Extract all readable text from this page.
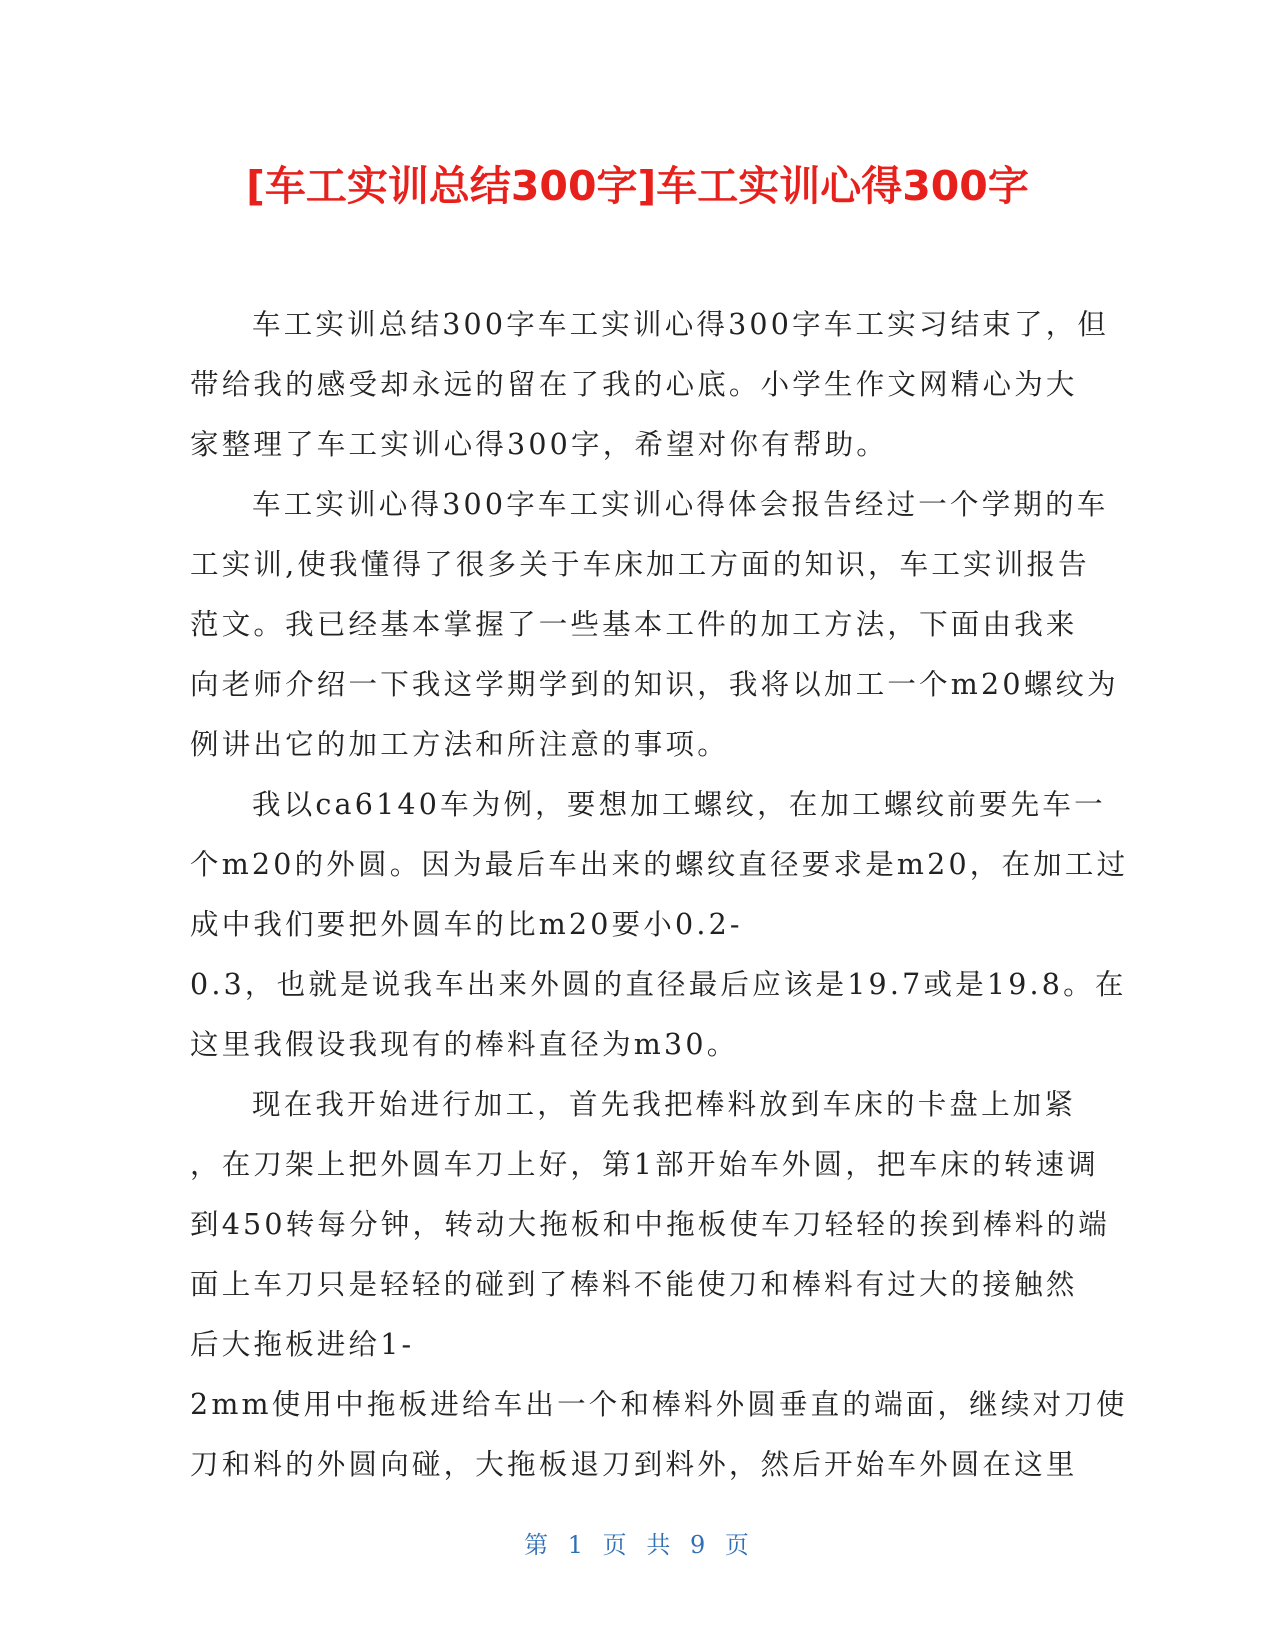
[车工实训总结300字]车工实训心得300字
车工实训总结300字车工实训心得300字车工实习结束了，但
带给我的感受却永远的留在了我的心底。小学生作文网精心为大
家整理了车工实训心得300字，希望对你有帮助。
车工实训心得300字车工实训心得体会报告经过一个学期的车
工实训,使我懂得了很多关于车床加工方面的知识，车工实训报告
范文。我已经基本掌握了一些基本工件的加工方法，下面由我来
向老师介绍一下我这学期学到的知识，我将以加工一个m20螺纹为
例讲出它的加工方法和所注意的事项。
我以ca6140车为例，要想加工螺纹，在加工螺纹前要先车一
个m20的外圆。因为最后车出来的螺纹直径要求是m20，在加工过
成中我们要把外圆车的比m20要小0.2-
0.3，也就是说我车出来外圆的直径最后应该是19.7或是19.8。在
这里我假设我现有的棒料直径为m30。
现在我开始进行加工，首先我把棒料放到车床的卡盘上加紧
，在刀架上把外圆车刀上好，第1部开始车外圆，把车床的转速调
到450转每分钟，转动大拖板和中拖板使车刀轻轻的挨到棒料的端
面上车刀只是轻轻的碰到了棒料不能使刀和棒料有过大的接触然
后大拖板进给1-
2mm使用中拖板进给车出一个和棒料外圆垂直的端面，继续对刀使
刀和料的外圆向碰，大拖板退刀到料外，然后开始车外圆在这里
第 1 页 共 9 页
